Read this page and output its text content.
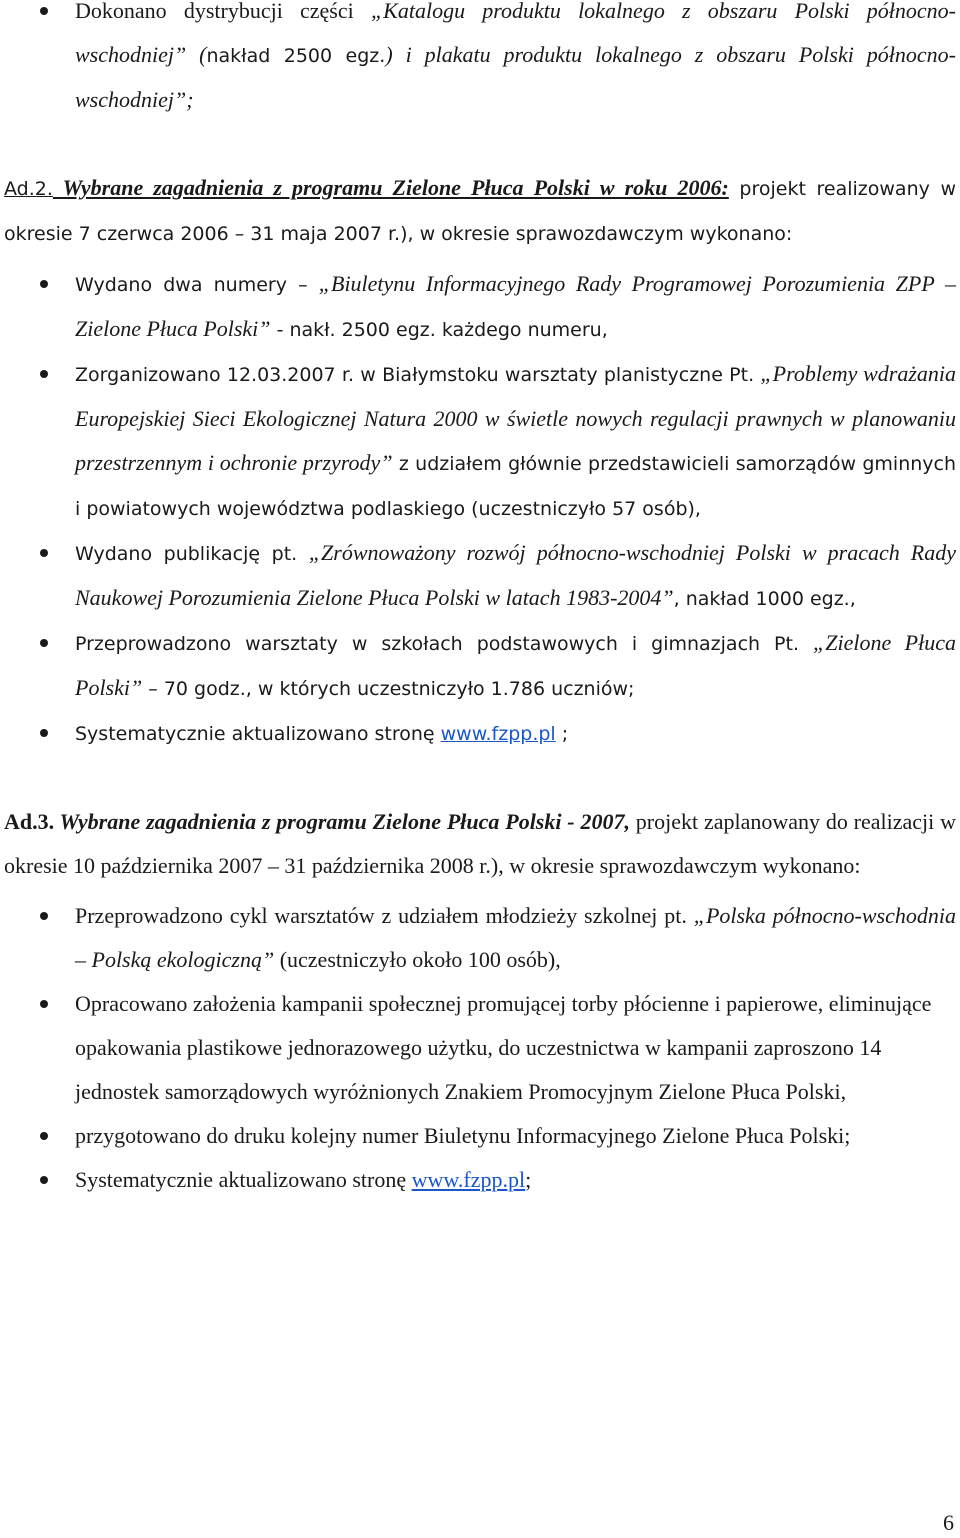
Dokonano dystrybucji części „Katalogu produktu lokalnego z obszaru Polski północno-wschodniej” (nakład 2500 egz.) i plakatu produktu lokalnego z obszaru Polski północno-wschodniej”;

Ad.2. Wybrane zagadnienia z programu Zielone Płuca Polski w roku 2006: projekt realizowany w okresie 7 czerwca 2006 – 31 maja 2007 r.), w okresie sprawozdawczym wykonano:

Wydano dwa numery – „Biuletynu Informacyjnego Rady Programowej Porozumienia ZPP – Zielone Płuca Polski” - nakł. 2500 egz. każdego numeru,
Zorganizowano 12.03.2007 r. w Białymstoku warsztaty planistyczne Pt. „Problemy wdrażania Europejskiej Sieci Ekologicznej Natura 2000 w świetle nowych regulacji prawnych w planowaniu przestrzennym i ochronie przyrody” z udziałem głównie przedstawicieli samorządów gminnych i powiatowych województwa podlaskiego (uczestniczyło 57 osób),
Wydano publikację pt. „Zrównoważony rozwój północno-wschodniej Polski w pracach Rady Naukowej Porozumienia Zielone Płuca Polski w latach 1983-2004”, nakład 1000 egz.,
Przeprowadzono warsztaty w szkołach podstawowych i gimnazjach Pt. „Zielone Płuca Polski” – 70 godz., w których uczestniczyło 1.786 uczniów;
Systematycznie aktualizowano stronę www.fzpp.pl ;

Ad.3. Wybrane zagadnienia z programu Zielone Płuca Polski - 2007, projekt zaplanowany do realizacji w okresie 10 października 2007 – 31 października 2008 r.), w okresie sprawozdawczym wykonano:

Przeprowadzono cykl warsztatów z udziałem młodzieży szkolnej pt. „Polska północno-wschodnia – Polską ekologiczną” (uczestniczyło około 100 osób),
Opracowano założenia kampanii społecznej promującej torby płócienne i papierowe, eliminujące opakowania plastikowe jednorazowego użytku, do uczestnictwa w kampanii zaproszono 14 jednostek samorządowych wyróżnionych Znakiem Promocyjnym Zielone Płuca Polski,
przygotowano do druku kolejny numer Biuletynu Informacyjnego Zielone Płuca Polski;
Systematycznie aktualizowano stronę www.fzpp.pl;
6
